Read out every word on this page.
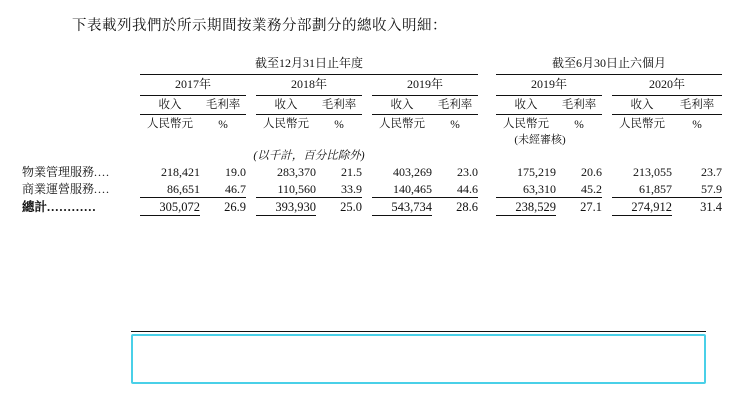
下表載列我們於所示期間按業務分部劃分的總收入明細：

	截至12月31日止年度									截至6月30日止六個月				

	2017年			2018年			2019年			2019年			2020年	

	收入	毛利率		收入	毛利率		收入	毛利率		收入	毛利率		收入	毛利率

	人民幣元	%		人民幣元	%		人民幣元	%		人民幣元	%		人民幣元	%
									(未經審核)					
	(以千計，百分比除外)													
物業管理服務....	218,421	19.0		283,370	21.5		403,269	23.0		175,219	20.6		213,055	23.7
商業運營服務....	86,651	46.7		110,560	33.9		140,465	44.6		63,310	45.2		61,857	57.9
總計............	305,072	26.9		393,930	25.0		543,734	28.6		238,529	27.1		274,912	31.4
